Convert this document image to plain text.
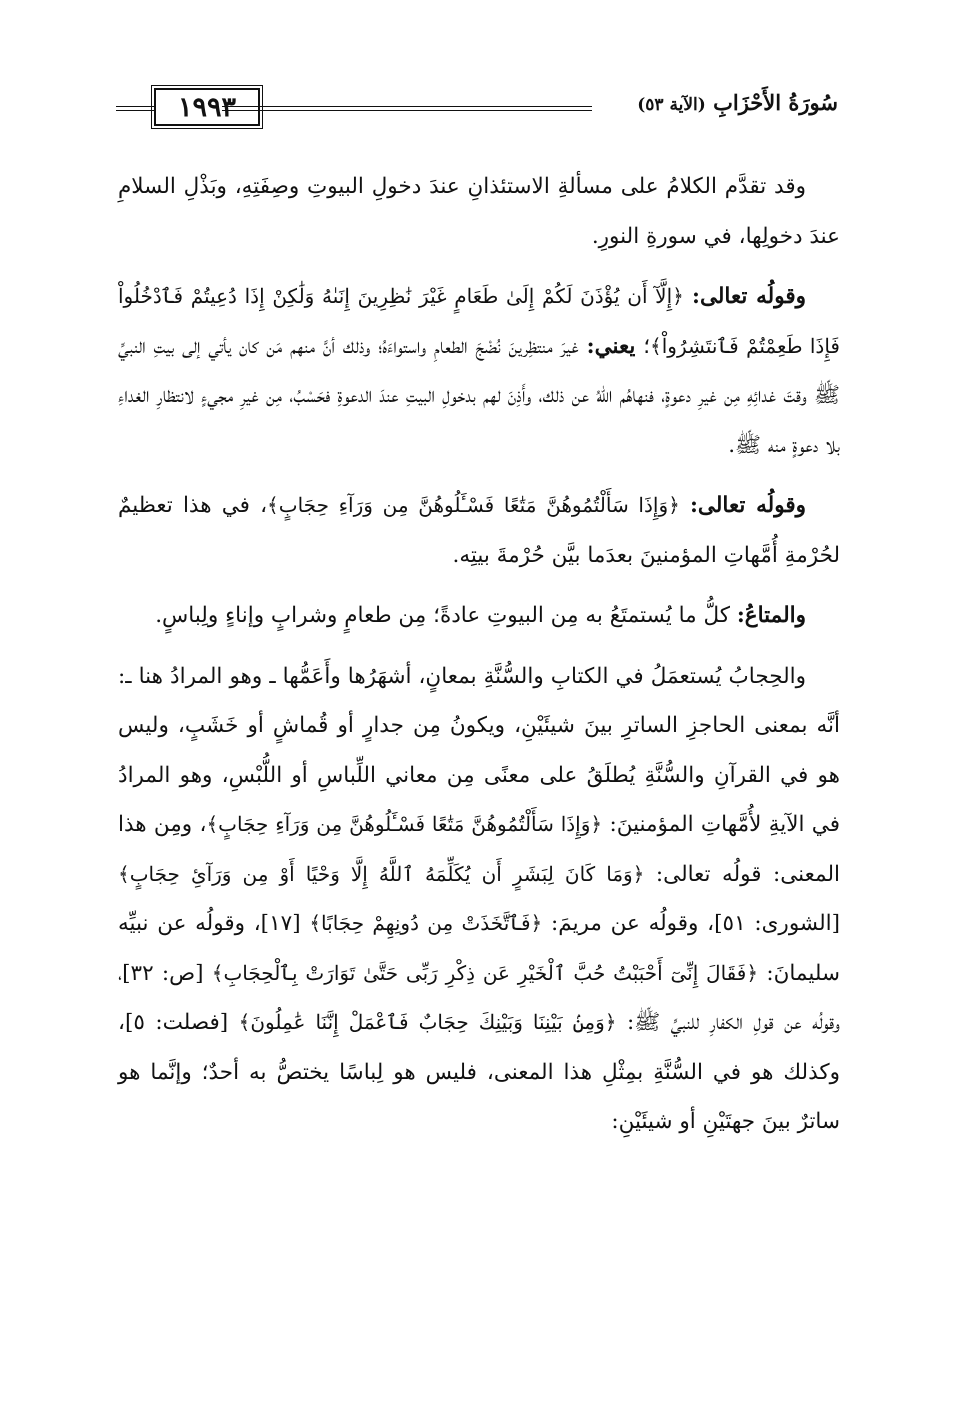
سُورَةُ الأَحْزَابِ (الآية ٥٣)
١٩٩٣

وقد تقدَّم الكلامُ على مسألةِ الاستئذانِ عندَ دخولِ البيوتِ وصِفَتِهِ، وبَذْلِ السلامِ عندَ دخولِها، في سورةِ النورِ.

وقولُه تعالى: ﴿إِلَّآ أَن يُؤْذَنَ لَكُمْ إِلَىٰ طَعَامٍ غَيْرَ نَٰظِرِينَ إِنَىٰهُ وَلَٰكِنْ إِذَا دُعِيتُمْ فَٱدْخُلُواْ فَإِذَا طَعِمْتُمْ فَٱنتَشِرُواْ﴾؛ يعني: غيرَ منتظِرينَ نُضْجَ الطعامِ واستواءَهُ؛ وذلك أنَّ منهم مَن كان يأتي إلى بيتِ النبيِّ ﷺ وقتَ غدائِهِ مِن غيرِ دعوةٍ، فنهاهُم اللهُ عن ذلك، وأَذِنَ لهم بدخولِ البيتِ عندَ الدعوةِ فحَسْبُ، مِن غيرِ مجيءٍ لانتظارِ الغداءِ بلا دعوةٍ منه ﷺ.

وقولُه تعالى: ﴿وَإِذَا سَأَلْتُمُوهُنَّ مَتَٰعًا فَسْـَٔلُوهُنَّ مِن وَرَآءِ حِجَابٍ﴾، في هذا تعظيمٌ لحُرْمةِ أُمَّهاتِ المؤمنينَ بعدَما بيَّن حُرْمةَ بيتِه.

والمتاعُ: كلُّ ما يُستمتَعُ به مِن البيوتِ عادةً؛ مِن طعامٍ وشرابٍ وإناءٍ ولِباسٍ.

والحِجابُ يُستعمَلُ في الكتابِ والسُّنَّةِ بمعانٍ، أشهَرُها وأَعَمُّها ـ وهو المرادُ هنا ـ: أنَّه بمعنى الحاجزِ الساترِ بينَ شيئَيْنِ، ويكونُ مِن جدارٍ أو قُماشٍ أو خَشَبٍ، وليس هو في القرآنِ والسُّنَّةِ يُطلَقُ على معنًى مِن معاني اللِّباسِ أو اللُّبْسِ، وهو المرادُ في الآيةِ لأُمَّهاتِ المؤمنينَ: ﴿وَإِذَا سَأَلْتُمُوهُنَّ مَتَٰعًا فَسْـَٔلُوهُنَّ مِن وَرَآءِ حِجَابٍ﴾، ومِن هذا المعنى: قولُه تعالى: ﴿وَمَا كَانَ لِبَشَرٍ أَن يُكَلِّمَهُ ٱللَّهُ إِلَّا وَحْيًا أَوْ مِن وَرَآئِ حِجَابٍ﴾ [الشورى: ٥١]، وقولُه عن مريمَ: ﴿فَٱتَّخَذَتْ مِن دُونِهِمْ حِجَابًا﴾ [١٧]، وقولُه عن نبيِّه سليمانَ: ﴿فَقَالَ إِنِّىٓ أَحْبَبْتُ حُبَّ ٱلْخَيْرِ عَن ذِكْرِ رَبِّى حَتَّىٰ تَوَارَتْ بِٱلْحِجَابِ﴾ [ص: ٣٢]، وقولُه عن قولِ الكفارِ للنبيِّ ﷺ: ﴿وَمِنۢ بَيْنِنَا وَبَيْنِكَ حِجَابٌ فَٱعْمَلْ إِنَّنَا عَٰمِلُونَ﴾ [فصلت: ٥]، وكذلك هو في السُّنَّةِ بمِثْلِ هذا المعنى، فليس هو لِباسًا يختصُّ به أحدٌ؛ وإنَّما هو ساترٌ بينَ جهتَيْنِ أو شيئَيْنِ:
